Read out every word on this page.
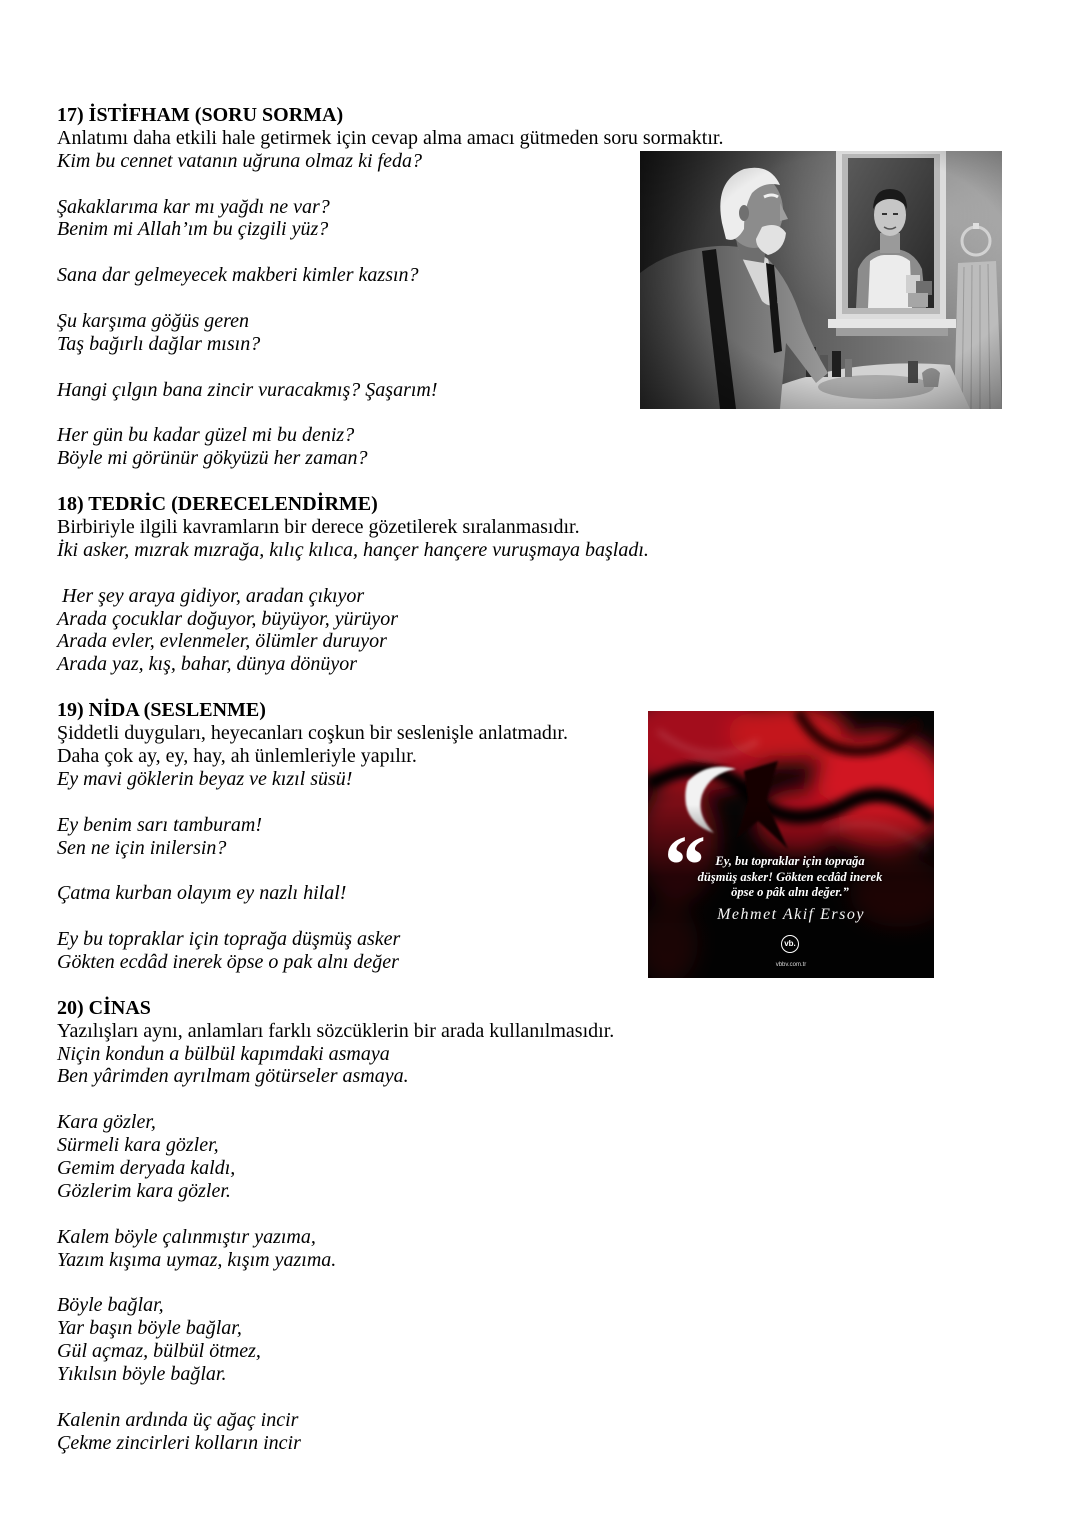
17) İSTİFHAM (SORU SORMA)
Anlatımı daha etkili hale getirmek için cevap alma amacı gütmeden soru sormaktır.
Kim bu cennet vatanın uğruna olmaz ki feda?
Şakaklarıma kar mı yağdı ne var?
Benim mi Allah’ım bu çizgili yüz?
Sana dar gelmeyecek makberi kimler kazsın?
Şu karşıma göğüs geren
Taş bağırlı dağlar mısın?
Hangi çılgın bana zincir vuracakmış? Şaşarım!
Her gün bu kadar güzel mi bu deniz?
Böyle mi görünür gökyüzü her zaman?
18) TEDRİC (DERECELENDİRME)
Birbiriyle ilgili kavramların bir derece gözetilerek sıralanmasıdır.
İki asker, mızrak mızrağa, kılıç kılıca, hançer hançere vuruşmaya başladı.
Her şey araya gidiyor, aradan çıkıyor
Arada çocuklar doğuyor, büyüyor, yürüyor
Arada evler, evlenmeler, ölümler duruyor
Arada yaz, kış, bahar, dünya dönüyor
19) NİDA (SESLENME)
Şiddetli duyguları, heyecanları coşkun bir seslenişle anlatmadır.
Daha çok ay, ey, hay, ah ünlemleriyle yapılır.
Ey mavi göklerin beyaz ve kızıl süsü!
Ey benim sarı tamburam!
Sen ne için inilersin?
Çatma kurban olayım ey nazlı hilal!
Ey bu topraklar için toprağa düşmüş asker
Gökten ecdâd inerek öpse o pak alnı değer
20) CİNAS
Yazılışları aynı, anlamları farklı sözcüklerin bir arada kullanılmasıdır.
Niçin kondun a bülbül kapımdaki asmaya
Ben yârimden ayrılmam götürseler asmaya.
Kara gözler,
Sürmeli kara gözler,
Gemim deryada kaldı,
Gözlerim kara gözler.
Kalem böyle çalınmıştır yazıma,
Yazım kışıma uymaz, kışım yazıma.
Böyle bağlar,
Yar başın böyle bağlar,
Gül açmaz, bülbül ötmez,
Yıkılsın böyle bağlar.
Kalenin ardında üç ağaç incir
Çekme zincirleri kolların incir
“ Ey, bu topraklar için toprağa
düşmüş asker! Gökten ecdâd inerek
öpse o pâk alnı değer.”
Mehmet Akif Ersoy
vb.
vbbv.com.tr
